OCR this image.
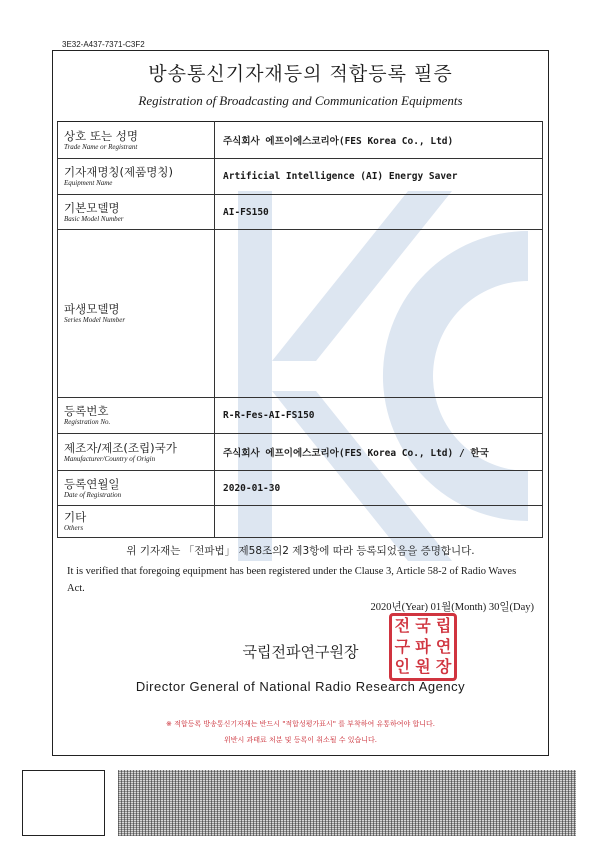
3E32-A437-7371-C3F2
방송통신기자재등의 적합등록 필증
Registration of Broadcasting and Communication Equipments
상호 또는 성명
Trade Name or Registrant	주식회사 에프이에스코리아(FES Korea Co., Ltd)

기자재명칭(제품명칭)
Equipment Name	Artificial Intelligence (AI) Energy Saver

기본모델명
Basic Model Number	AI-FS150

파생모델명
Series Model Number	

등록번호
Registration No.	R-R-Fes-AI-FS150

제조자/제조(조립)국가
Manufacturer/Country of Origin	주식회사 에프이에스코리아(FES Korea Co., Ltd) / 한국

등록연월일
Date of Registration	2020-01-30

기타
Others	

위 기자재는 「전파법」 제58조의2 제3항에 따라 등록되었음을 증명합니다.
It is verified that foregoing equipment has been registered under the Clause 3, Article 58-2 of Radio Waves Act.
2020년(Year) 01월(Month) 30일(Day)
국립전파연구원장
전 국 립
구 파 연
인 원 장
Director General of National Radio Research Agency
※ 적합등록 방송통신기자재는 반드시 "적합성평가표시" 를 부착하여 유통하여야 합니다.
위반시 과태료 처분 및 등록이 취소될 수 있습니다.
